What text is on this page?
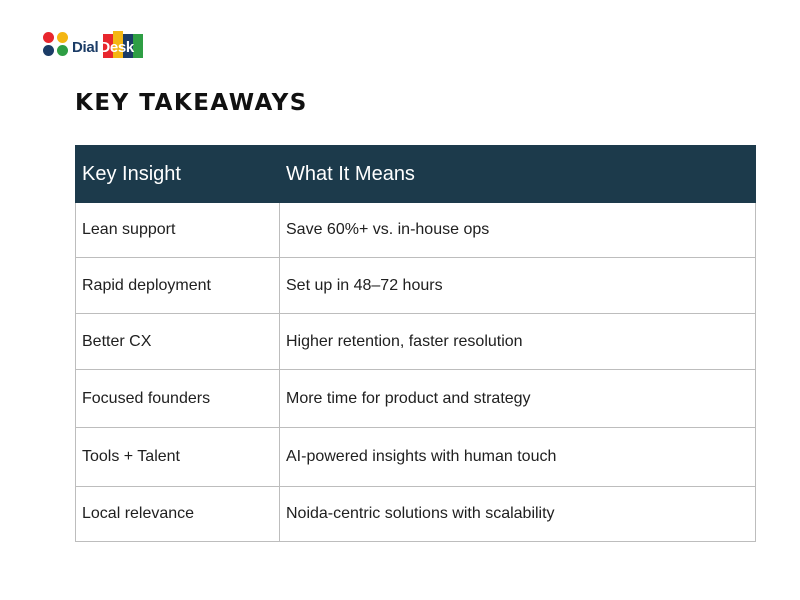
DialDesk
KEY TAKEAWAYS
Key Insight	What It Means
Lean support	Save 60%+ vs. in-house ops
Rapid deployment	Set up in 48–72 hours
Better CX	Higher retention, faster resolution
Focused founders	More time for product and strategy
Tools + Talent	AI-powered insights with human touch
Local relevance	Noida-centric solutions with scalability
